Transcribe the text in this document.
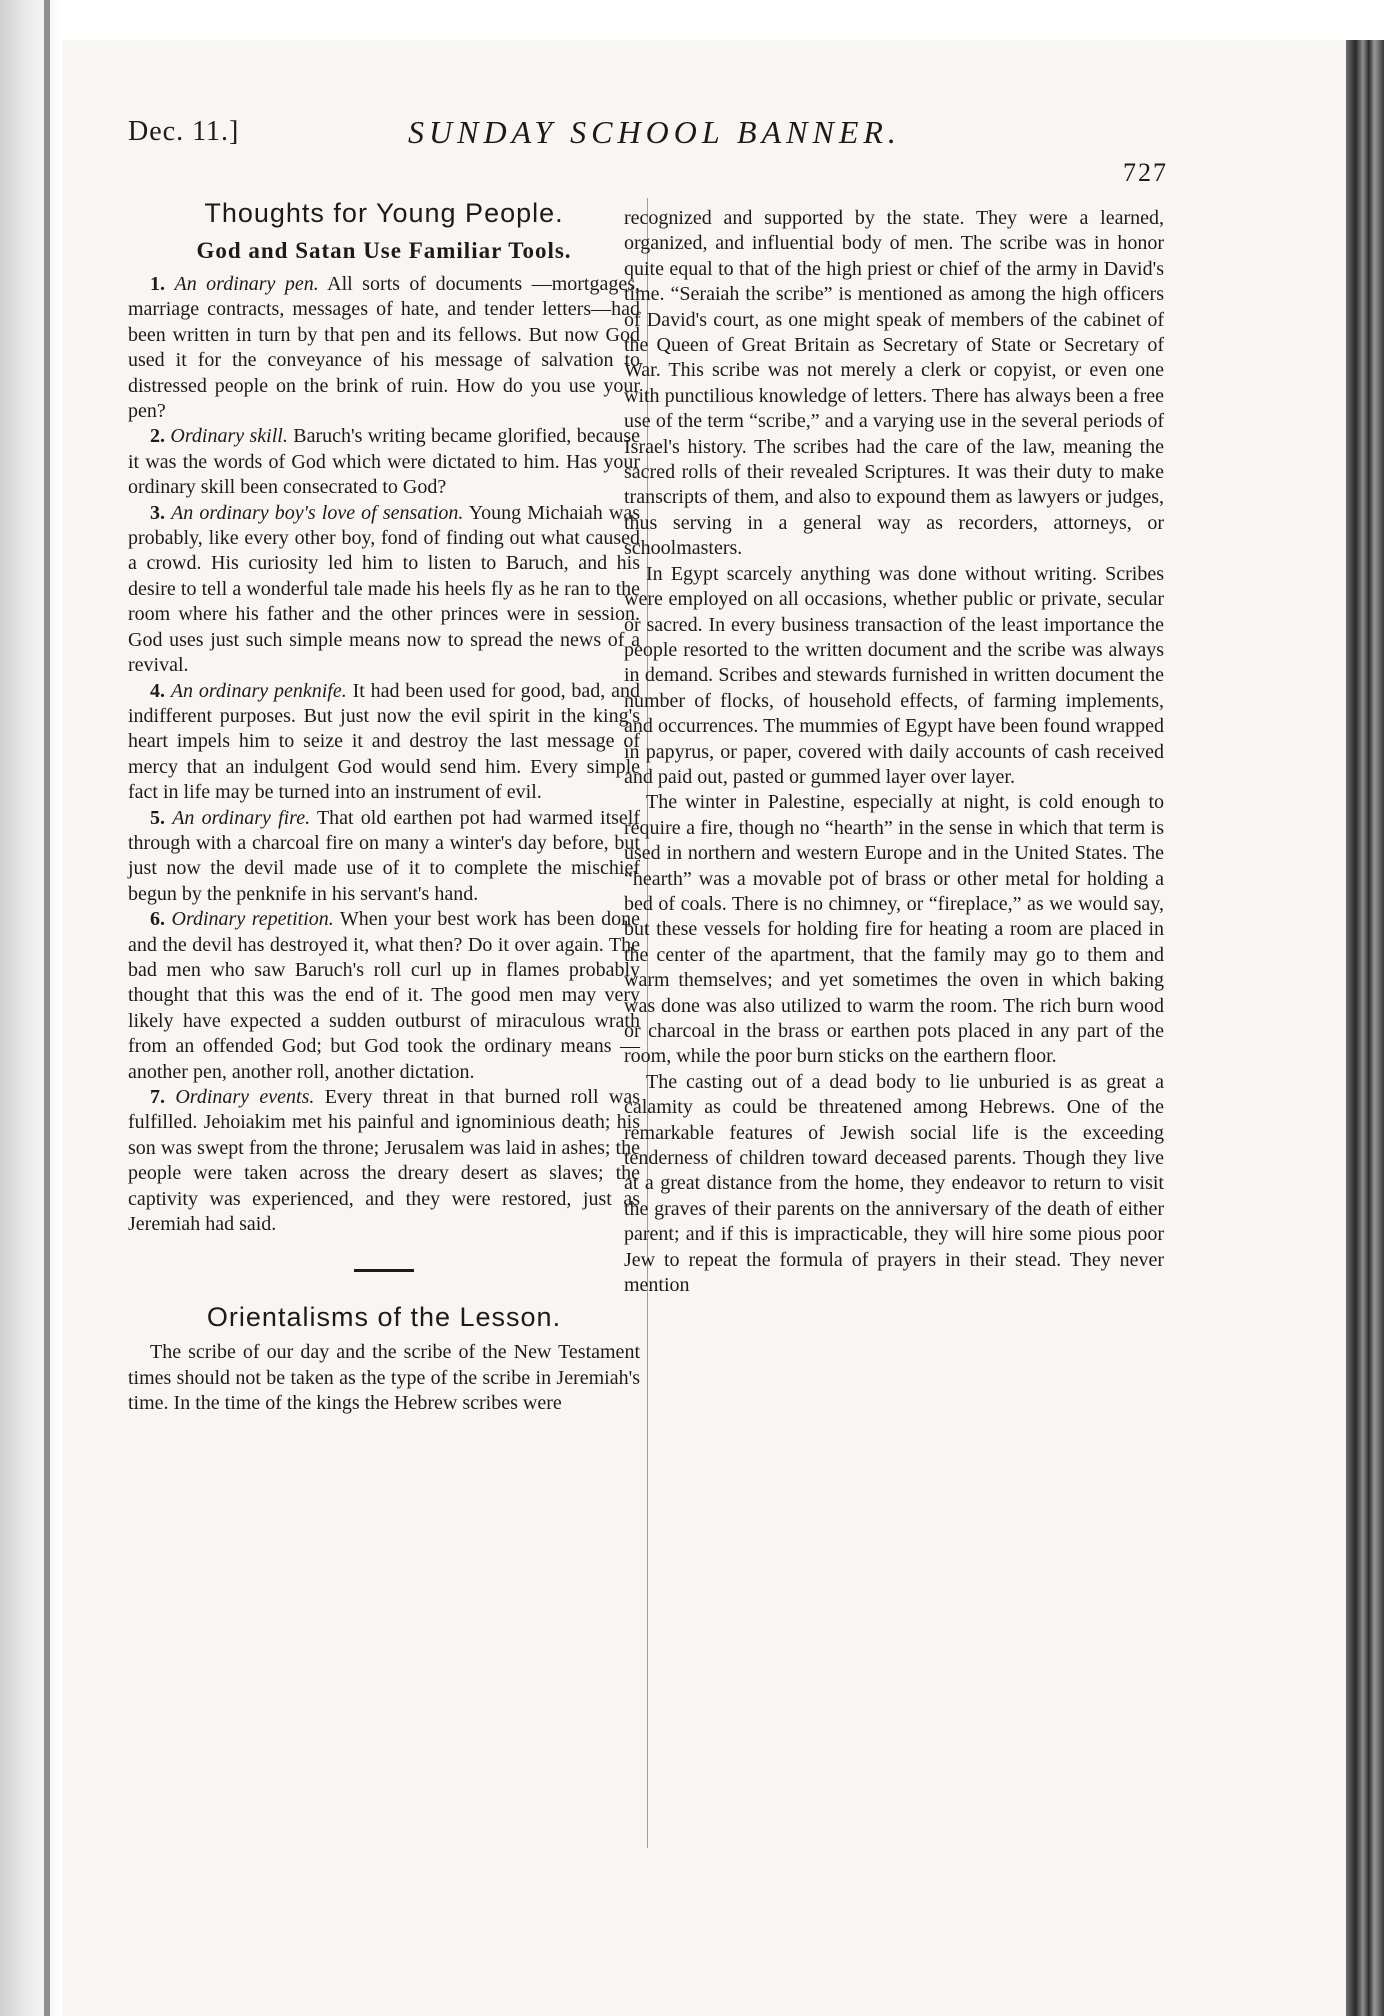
Dec. 11.]	SUNDAY SCHOOL BANNER.
727
Thoughts for Young People.
God and Satan Use Familiar Tools.

1. An ordinary pen. All sorts of documents —mortgages, marriage contracts, messages of hate, and tender letters—had been written in turn by that pen and its fellows. But now God used it for the conveyance of his message of salvation to distressed people on the brink of ruin. How do you use your pen?

2. Ordinary skill. Baruch's writing became glorified, because it was the words of God which were dictated to him. Has your ordinary skill been consecrated to God?

3. An ordinary boy's love of sensation. Young Michaiah was probably, like every other boy, fond of finding out what caused a crowd. His curiosity led him to listen to Baruch, and his desire to tell a wonderful tale made his heels fly as he ran to the room where his father and the other princes were in session. God uses just such simple means now to spread the news of a revival.

4. An ordinary penknife. It had been used for good, bad, and indifferent purposes. But just now the evil spirit in the king's heart impels him to seize it and destroy the last message of mercy that an indulgent God would send him. Every simple fact in life may be turned into an instrument of evil.

5. An ordinary fire. That old earthen pot had warmed itself through with a charcoal fire on many a winter's day before, but just now the devil made use of it to complete the mischief begun by the penknife in his servant's hand.

6. Ordinary repetition. When your best work has been done and the devil has destroyed it, what then? Do it over again. The bad men who saw Baruch's roll curl up in flames probably thought that this was the end of it. The good men may very likely have expected a sudden outburst of miraculous wrath from an offended God; but God took the ordinary means —another pen, another roll, another dictation.

7. Ordinary events. Every threat in that burned roll was fulfilled. Jehoiakim met his painful and ignominious death; his son was swept from the throne; Jerusalem was laid in ashes; the people were taken across the dreary desert as slaves; the captivity was experienced, and they were restored, just as Jeremiah had said.

Orientalisms of the Lesson.

The scribe of our day and the scribe of the New Testament times should not be taken as the type of the scribe in Jeremiah's time. In the time of the kings the Hebrew scribes were

recognized and supported by the state. They were a learned, organized, and influential body of men. The scribe was in honor quite equal to that of the high priest or chief of the army in David's time. “Seraiah the scribe” is mentioned as among the high officers of David's court, as one might speak of members of the cabinet of the Queen of Great Britain as Secretary of State or Secretary of War. This scribe was not merely a clerk or copyist, or even one with punctilious knowledge of letters. There has always been a free use of the term “scribe,” and a varying use in the several periods of Israel's history. The scribes had the care of the law, meaning the sacred rolls of their revealed Scriptures. It was their duty to make transcripts of them, and also to expound them as lawyers or judges, thus serving in a general way as recorders, attorneys, or schoolmasters.

In Egypt scarcely anything was done without writing. Scribes were employed on all occasions, whether public or private, secular or sacred. In every business transaction of the least importance the people resorted to the written document and the scribe was always in demand. Scribes and stewards furnished in written document the number of flocks, of household effects, of farming implements, and occurrences. The mummies of Egypt have been found wrapped in papyrus, or paper, covered with daily accounts of cash received and paid out, pasted or gummed layer over layer.

The winter in Palestine, especially at night, is cold enough to require a fire, though no “hearth” in the sense in which that term is used in northern and western Europe and in the United States. The “hearth” was a movable pot of brass or other metal for holding a bed of coals. There is no chimney, or “fireplace,” as we would say, but these vessels for holding fire for heating a room are placed in the center of the apartment, that the family may go to them and warm themselves; and yet sometimes the oven in which baking was done was also utilized to warm the room. The rich burn wood or charcoal in the brass or earthen pots placed in any part of the room, while the poor burn sticks on the earthern floor.

The casting out of a dead body to lie unburied is as great a calamity as could be threatened among Hebrews. One of the remarkable features of Jewish social life is the exceeding tenderness of children toward deceased parents. Though they live at a great distance from the home, they endeavor to return to visit the graves of their parents on the anniversary of the death of either parent; and if this is impracticable, they will hire some pious poor Jew to repeat the formula of prayers in their stead. They never mention
